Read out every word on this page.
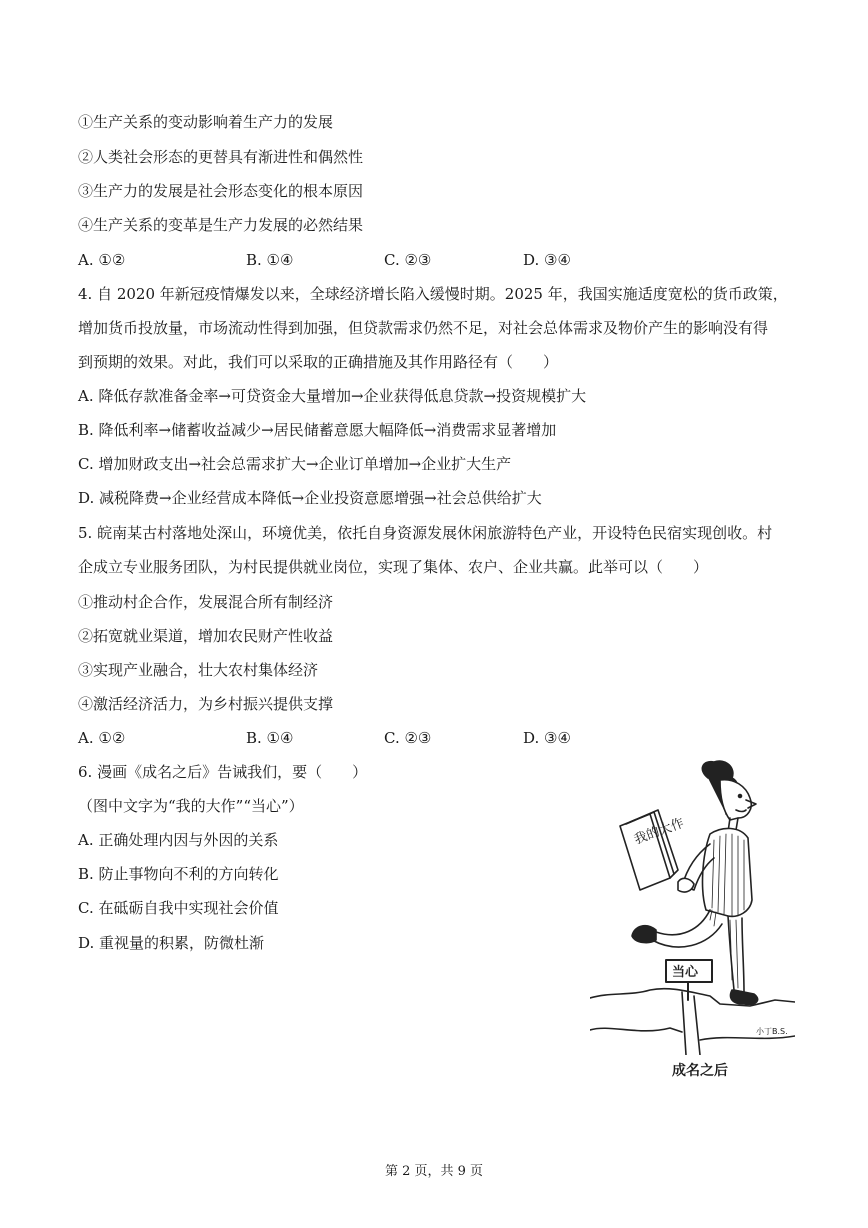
①生产关系的变动影响着生产力的发展
②人类社会形态的更替具有渐进性和偶然性
③生产力的发展是社会形态变化的根本原因
④生产关系的变革是生产力发展的必然结果
A. ①②	B. ①④	C. ②③	D. ③④
4. 自 2020 年新冠疫情爆发以来，全球经济增长陷入缓慢时期。2025 年，我国实施适度宽松的货币政策，
增加货币投放量，市场流动性得到加强，但贷款需求仍然不足，对社会总体需求及物价产生的影响没有得
到预期的效果。对此，我们可以采取的正确措施及其作用路径有（　　）
A. 降低存款准备金率→可贷资金大量增加→企业获得低息贷款→投资规模扩大
B. 降低利率→储蓄收益减少→居民储蓄意愿大幅降低→消费需求显著增加
C. 增加财政支出→社会总需求扩大→企业订单增加→企业扩大生产
D. 减税降费→企业经营成本降低→企业投资意愿增强→社会总供给扩大
5. 皖南某古村落地处深山，环境优美，依托自身资源发展休闲旅游特色产业，开设特色民宿实现创收。村
企成立专业服务团队，为村民提供就业岗位，实现了集体、农户、企业共赢。此举可以（　　）
①推动村企合作，发展混合所有制经济
②拓宽就业渠道，增加农民财产性收益
③实现产业融合，壮大农村集体经济
④激活经济活力，为乡村振兴提供支撑
A. ①②	B. ①④	C. ②③	D. ③④
6. 漫画《成名之后》告诫我们，要（　　）
（图中文字为“我的大作”“当心”）
A. 正确处理内因与外因的关系
B. 防止事物向不利的方向转化
C. 在砥砺自我中实现社会价值
D. 重视量的积累，防微杜渐
我的大作
当心
小丁B.S.
成名之后
第 2 页，共 9 页
